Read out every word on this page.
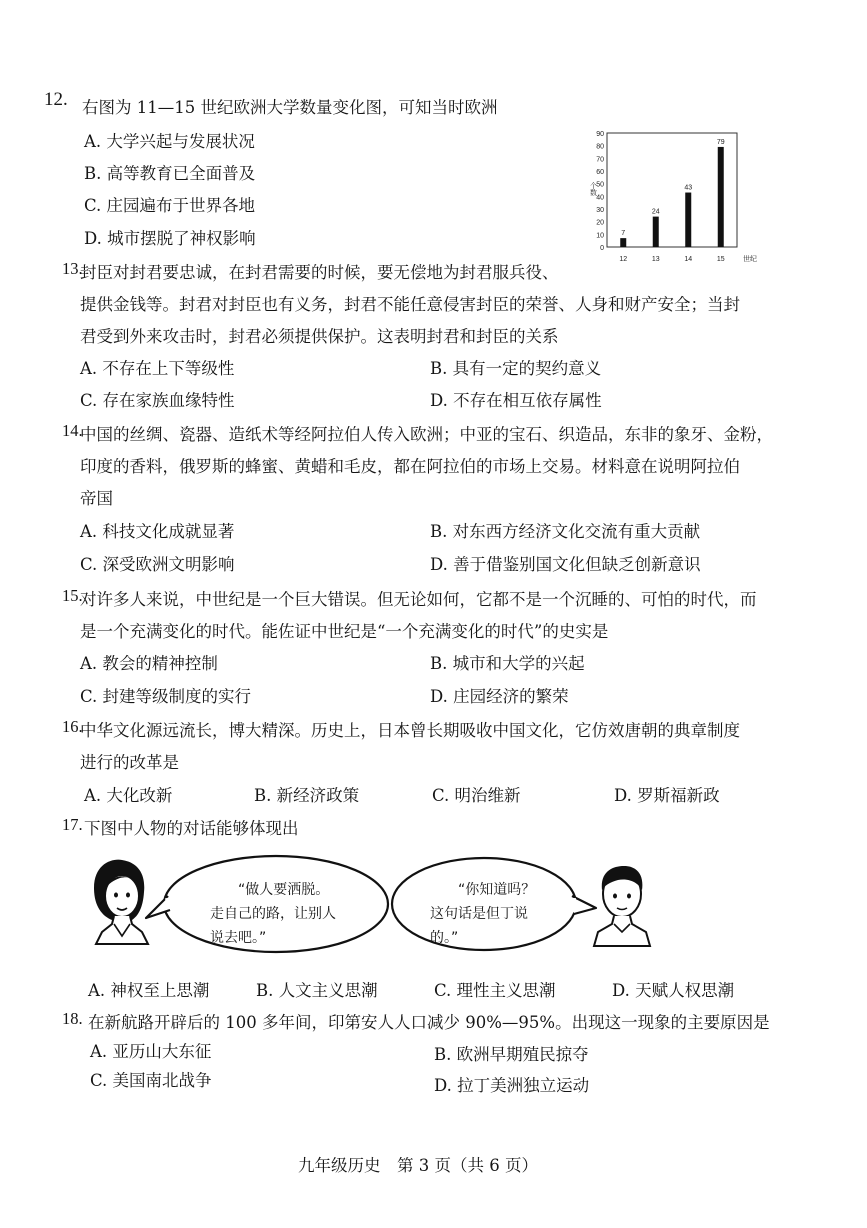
12. 右图为 11—15 世纪欧洲大学数量变化图，可知当时欧洲
A. 大学兴起与发展状况
B. 高等教育已全面普及
C. 庄园遍布于世界各地
D. 城市摆脱了神权影响
0
10
20
30
40
50
60
70
80
90
个数
12	13	14	15	世纪
7
24
43
79
13.
封臣对封君要忠诚，在封君需要的时候，要无偿地为封君服兵役、
提供金钱等。封君对封臣也有义务，封君不能任意侵害封臣的荣誉、人身和财产安全；当封
君受到外来攻击时，封君必须提供保护。这表明封君和封臣的关系
A. 不存在上下等级性	B. 具有一定的契约意义
C. 存在家族血缘特性	D. 不存在相互依存属性
14.
中国的丝绸、瓷器、造纸术等经阿拉伯人传入欧洲；中亚的宝石、织造品，东非的象牙、金粉，
印度的香料，俄罗斯的蜂蜜、黄蜡和毛皮，都在阿拉伯的市场上交易。材料意在说明阿拉伯
帝国
A. 科技文化成就显著	B. 对东西方经济文化交流有重大贡献
C. 深受欧洲文明影响	D. 善于借鉴别国文化但缺乏创新意识
15.
对许多人来说，中世纪是一个巨大错误。但无论如何，它都不是一个沉睡的、可怕的时代，而
是一个充满变化的时代。能佐证中世纪是“一个充满变化的时代”的史实是
A. 教会的精神控制	B. 城市和大学的兴起
C. 封建等级制度的实行	D. 庄园经济的繁荣
16.
中华文化源远流长，博大精深。历史上，日本曾长期吸收中国文化，它仿效唐朝的典章制度
进行的改革是
A. 大化改新	B. 新经济政策	C. 明治维新	D. 罗斯福新政
17. 下图中人物的对话能够体现出
“做人要洒脱。
走自己的路，让别人
说去吧。”
“你知道吗？
这句话是但丁说
的。”
A. 神权至上思潮	B. 人文主义思潮	C. 理性主义思潮	D. 天赋人权思潮
18. 在新航路开辟后的 100 多年间，印第安人人口减少 90%—95%。出现这一现象的主要原因是
A. 亚历山大东征	B. 欧洲早期殖民掠夺
C. 美国南北战争	D. 拉丁美洲独立运动
九年级历史　第 3 页（共 6 页）
